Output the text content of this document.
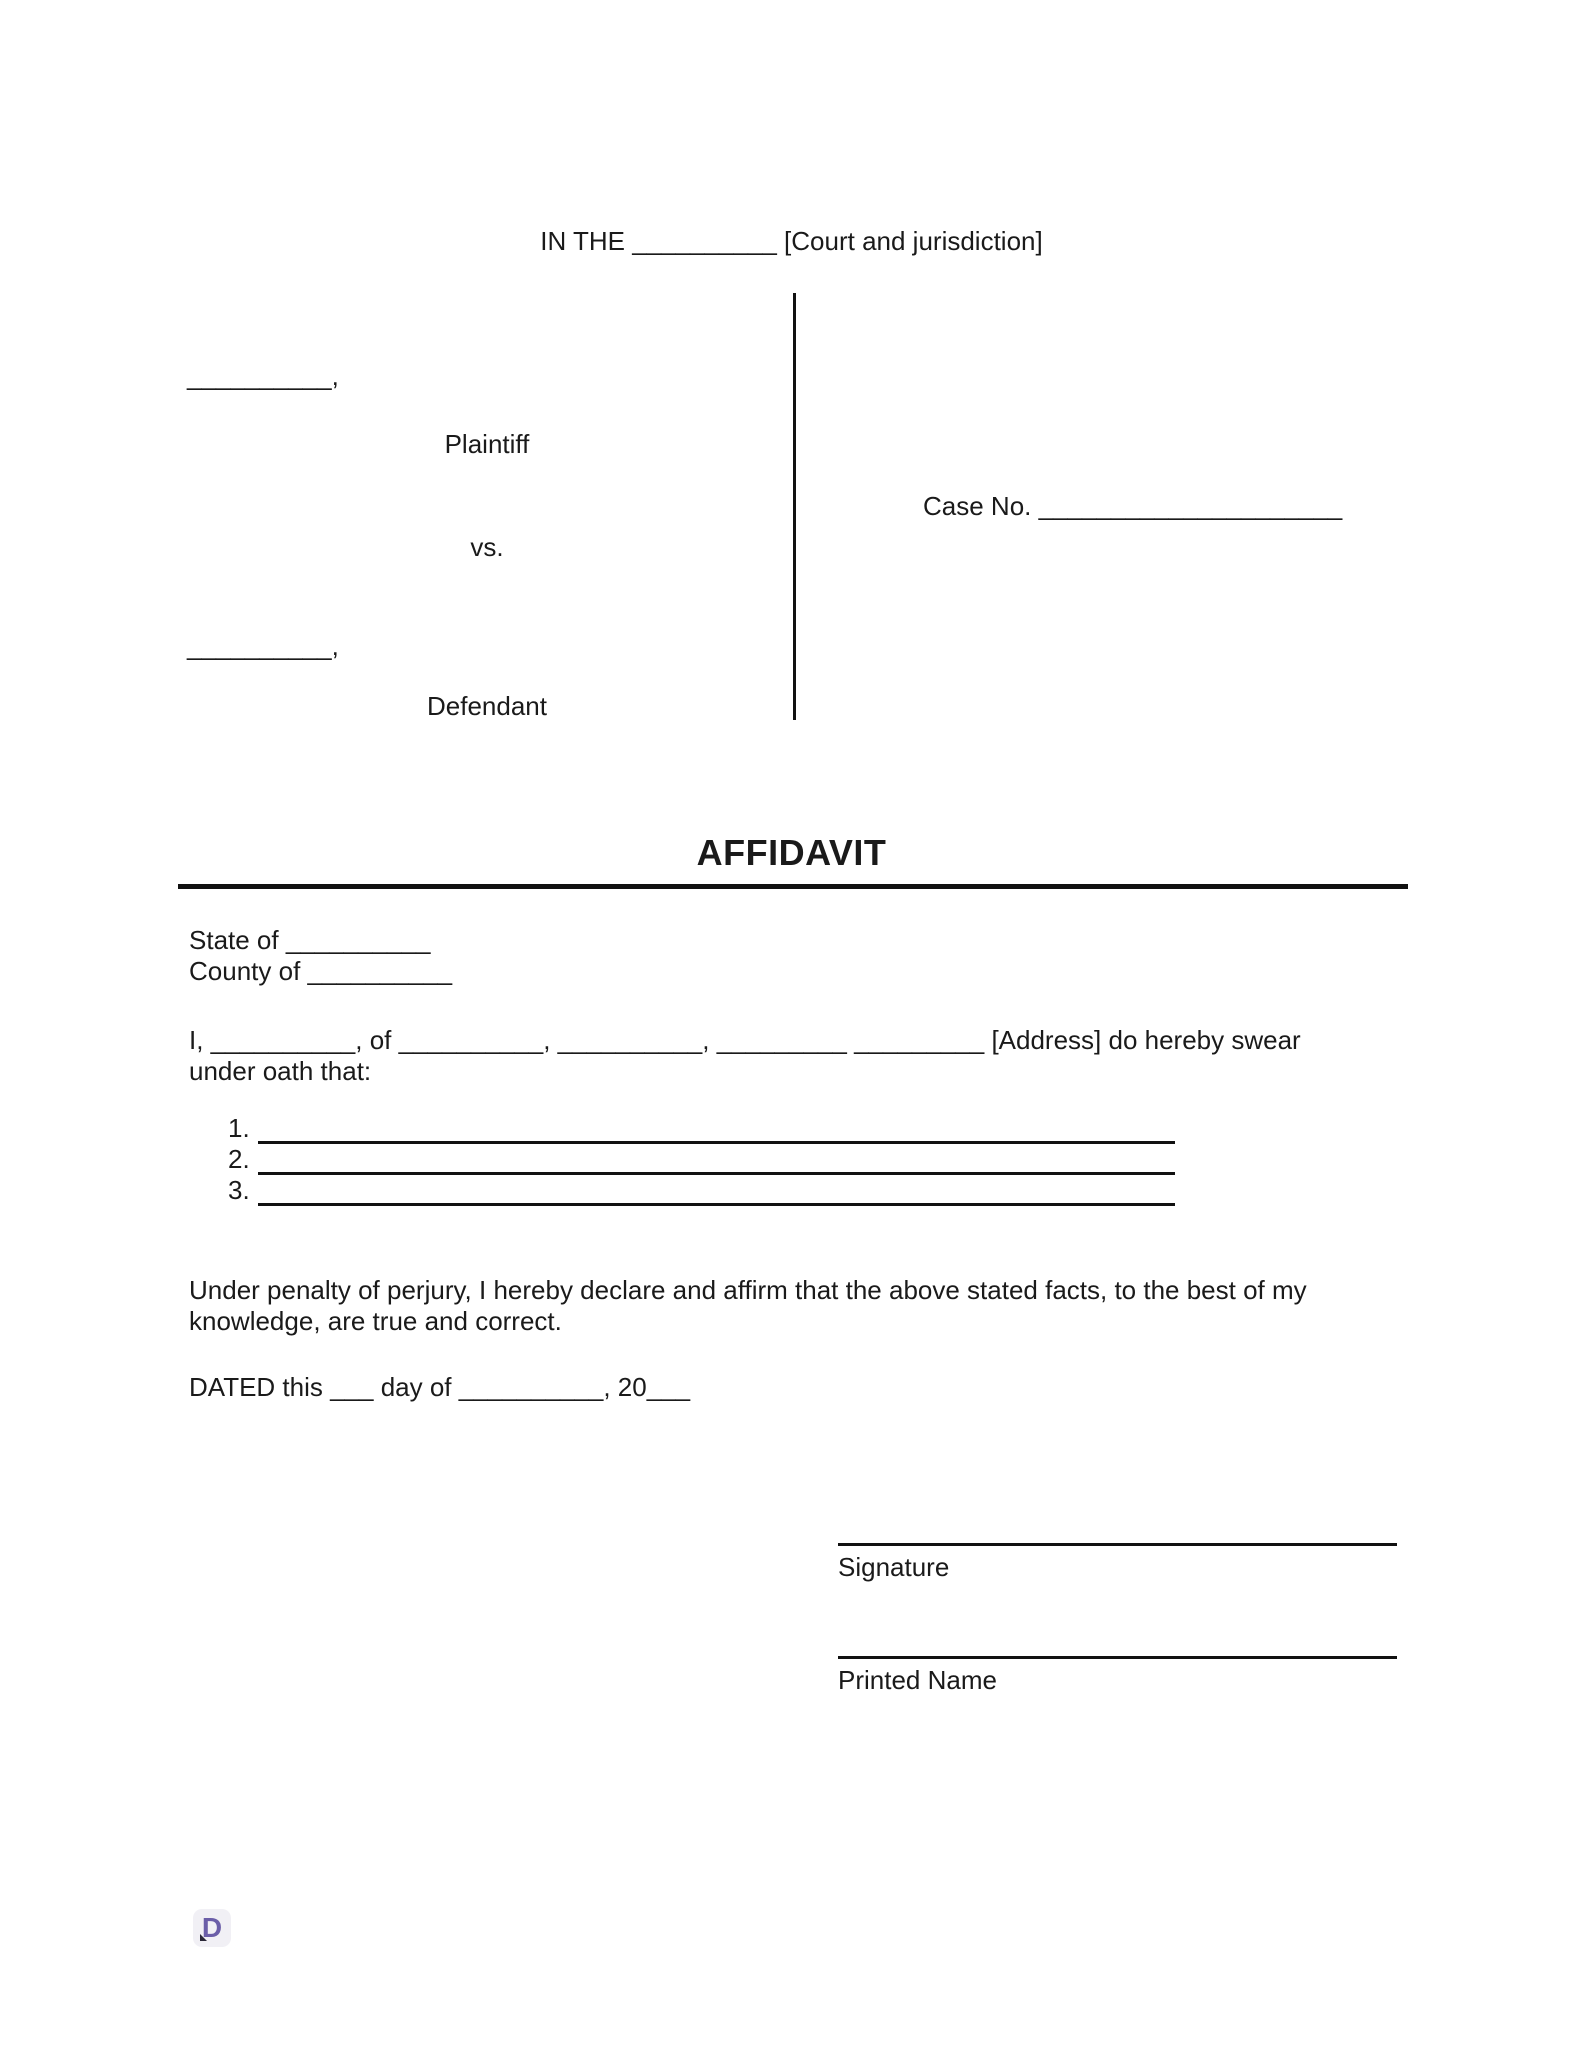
IN THE __________ [Court and jurisdiction]
__________,
Plaintiff
vs.
__________,
Defendant
Case No. _____________________
AFFIDAVIT
State of __________
County of __________
I, __________, of __________, __________, _________ _________ [Address] do hereby swear
under oath that:
1.
2.
3.
Under penalty of perjury, I hereby declare and affirm that the above stated facts, to the best of my
knowledge, are true and correct.
DATED this ___ day of __________, 20___
Signature
Printed Name
D
